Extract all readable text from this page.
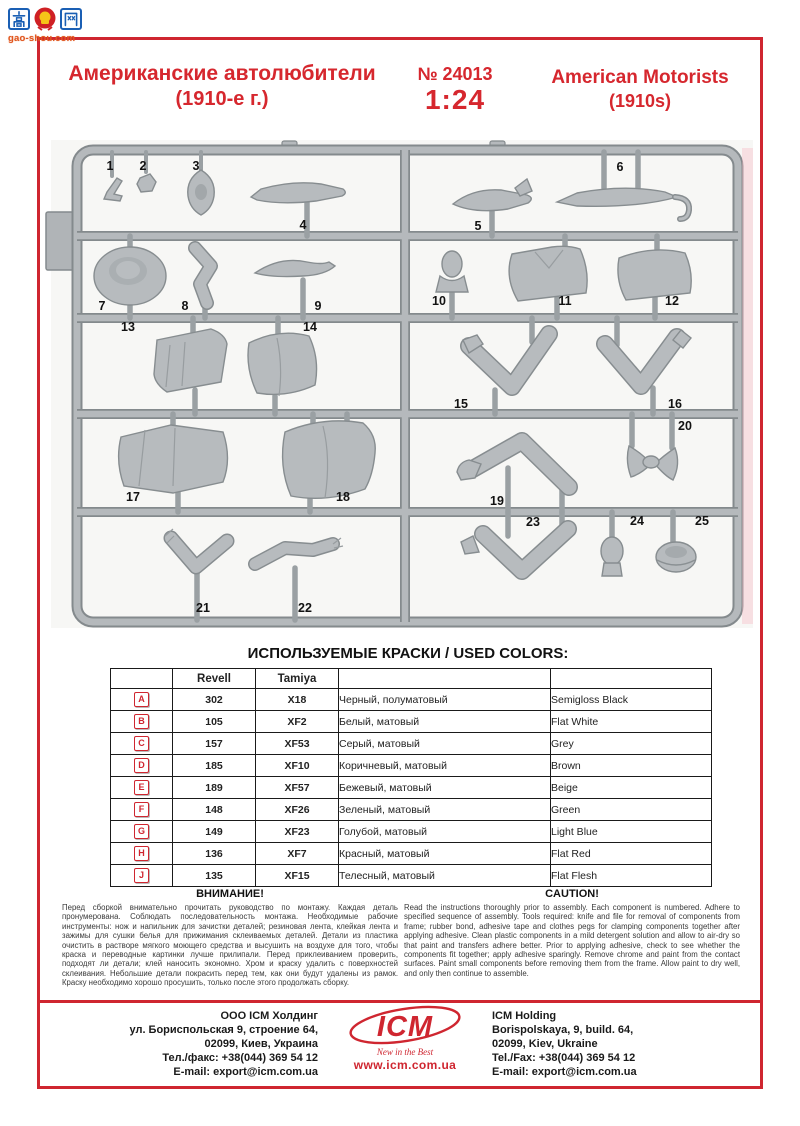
gao-shou.com
Американские автолюбители
(1910-е г.)
№ 24013
1:24
American Motorists
(1910s)
1 2	3
4	5
6
7	8	9	10	11	12
13	14
15	16
17	18	19
20
21	22
23	24	25
ИСПОЛЬЗУЕМЫЕ КРАСКИ / USED COLORS:
	Revell	Tamiya		
A	302	X18	Черный, полуматовый	Semigloss Black
B	105	XF2	Белый, матовый	Flat White
C	157	XF53	Серый, матовый	Grey
D	185	XF10	Коричневый, матовый	Brown
E	189	XF57	Бежевый, матовый	Beige
F	148	XF26	Зеленый, матовый	Green
G	149	XF23	Голубой, матовый	Light Blue
H	136	XF7	Красный, матовый	Flat Red
J	135	XF15	Телесный, матовый	Flat Flesh
ВНИМАНИЕ!
Перед сборкой внимательно прочитать руководство по монтажу. Каждая деталь пронумерована. Соблюдать последовательность монтажа. Необходимые рабочие инструменты: нож и напильник для зачистки деталей; резиновая лента, клейкая лента и зажимы для сушки белья для прижимания склеиваемых деталей. Детали из пластика очистить в растворе мягкого моющего средства и высушить на воздухе для того, чтобы краска и переводные картинки лучше прилипали. Перед приклеиванием проверить, подходят ли детали; клей наносить экономно. Хром и краску удалить с поверхностей склеивания. Небольшие детали покрасить перед тем, как они будут удалены из рамок. Краску необходимо хорошо просушить, только после этого продолжать сборку.
CAUTION!
Read the instructions thoroughly prior to assembly. Each component is numbered. Adhere to specified sequence of assembly. Tools required: knife and file for removal of components from frame; rubber bond, adhesive tape and clothes pegs for clamping components together after applying adhesive. Clean plastic components in a mild detergent solution and allow to air-dry so that paint and transfers adhere better. Prior to applying adhesive, check to see whether the components fit together; apply adhesive sparingly. Remove chrome and paint from the contact surfaces. Paint small components before removing them from the frame. Allow paint to dry well, and only then continue to assemble.
ООО ICM Холдинг
ул. Бориспольская 9, строение 64,
02099, Киев, Украина
Тел./факс: +38(044) 369 54 12
E-mail: export@icm.com.ua
ICM
New in the Best
www.icm.com.ua
ICM Holding
Borispolskaya, 9, build. 64,
02099, Kiev, Ukraine
Tel./Fax: +38(044) 369 54 12
E-mail: export@icm.com.ua
